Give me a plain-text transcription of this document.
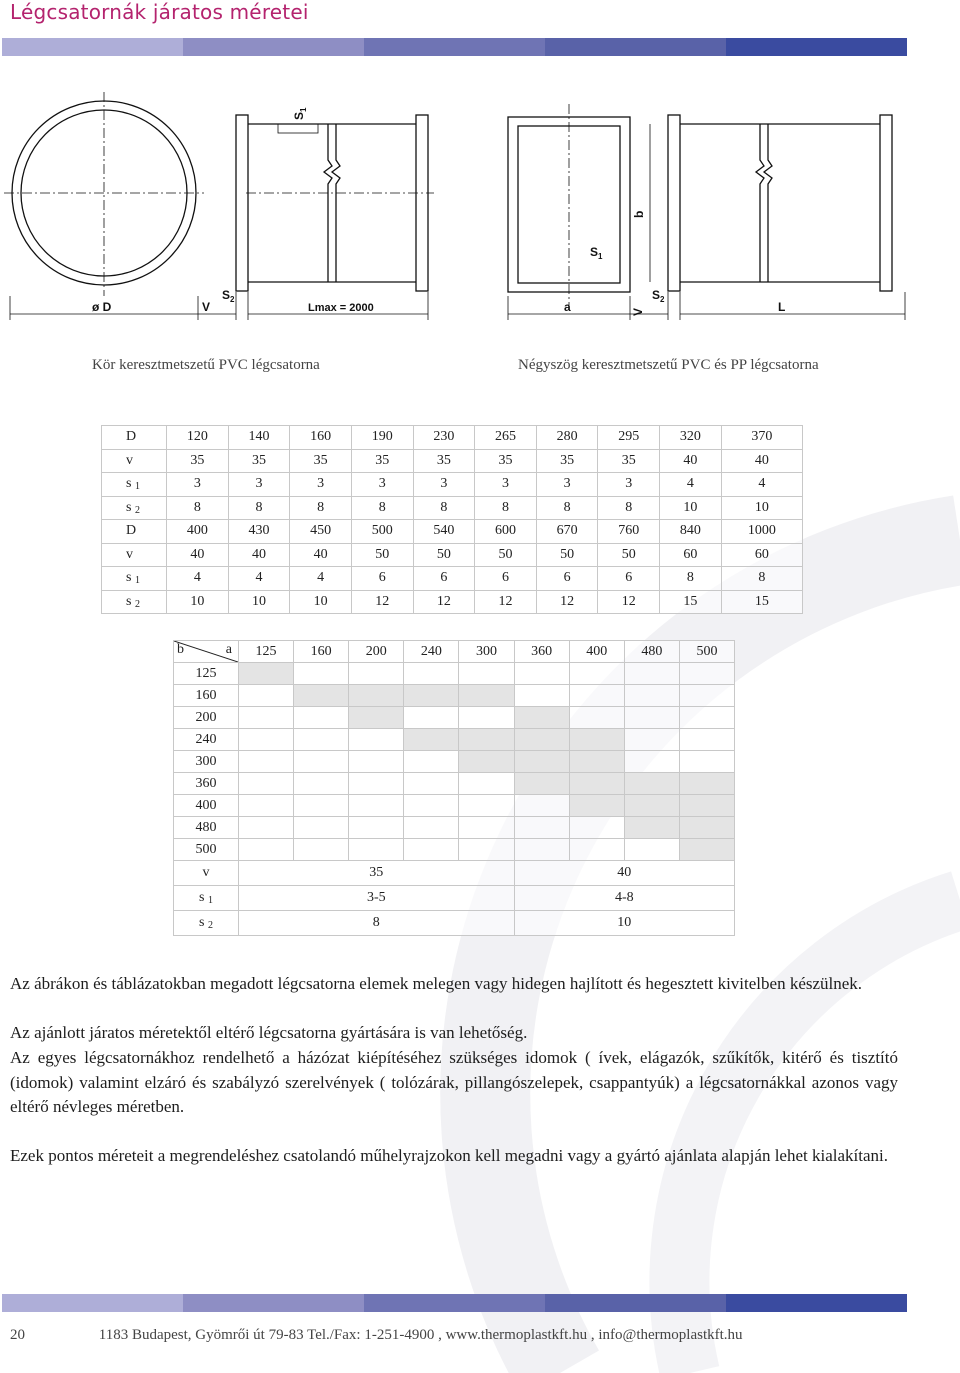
Légcsatornák járatos méretei
ø D	V
$S_2$
Lmax = 2000
$S_1$
a	V
$S_2$
L
b
$S_1$
Kör keresztmetszetű PVC légcsatorna	Négyszög keresztmetszetű PVC és PP légcsatorna
D	120	140	160	190	230	265	280	295	320	370
v	35	35	35	35	35	35	35	35	40	40
s $_1$	3	3	3	3	3	3	3	3	4	4
s $_2$	8	8	8	8	8	8	8	8	10	10
D	400	430	450	500	540	600	670	760	840	1000
v	40	40	40	50	50	50	50	50	60	60
s $_1$	4	4	4	6	6	6	6	6	8	8
s $_2$	10	10	10	12	12	12	12	12	15	15
b a	125	160	200	240	300	360	400	480	500
125									
160									
200									
240									
300									
360									
400									
480									
500									
v	35					40			
s $_1$	3-5					4-8			
s $_2$	8					10			

Az ábrákon és táblázatokban megadott légcsatorna elemek melegen vagy hidegen hajlított és hegesztett kivitelben készülnek.

Az ajánlott járatos méretektől eltérő légcsatorna gyártására is van lehetőség.

Az egyes légcsatornákhoz rendelhető a házózat kiépítéséhez szükséges idomok ( ívek, elágazók, szűkítők, kitérő és tisztító (idomok) valamint elzáró és szabályzó szerelvények ( tolózárak, pillangószelepek, csappantyúk) a légcsatornákkal azonos vagy eltérő névleges méretben.

Ezek pontos méreteit a megrendeléshez csatolandó műhelyrajzokon kell megadni vagy a gyártó ajánlata alapján lehet kialakítani.

20	1183 Budapest, Gyömrői út 79-83 Tel./Fax: 1-251-4900 , www.thermoplastkft.hu , info@thermoplastkft.hu
